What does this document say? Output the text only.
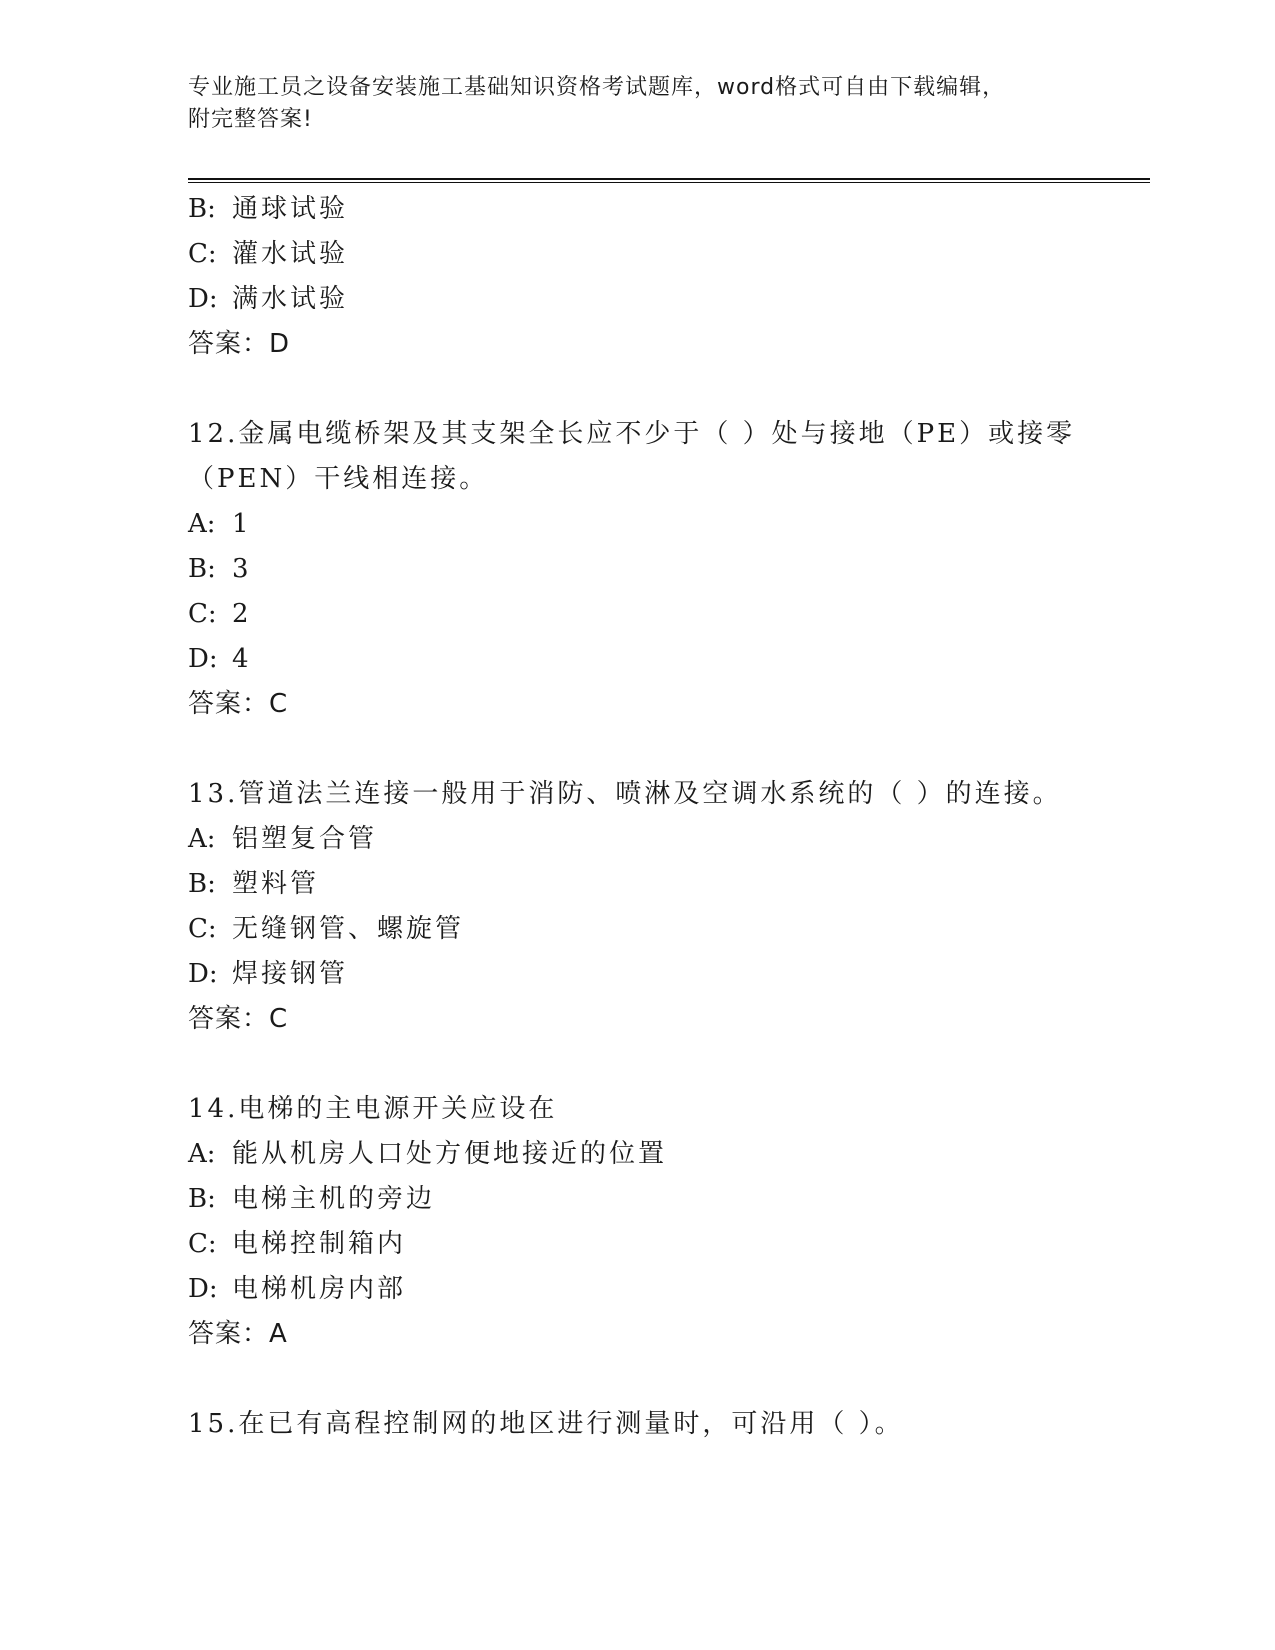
专业施工员之设备安装施工基础知识资格考试题库，word格式可自由下载编辑，
附完整答案!
B: 通球试验
C: 灌水试验
D: 满水试验
答案：D
12.金属电缆桥架及其支架全长应不少于（ ）处与接地（PE）或接零
（PEN）干线相连接。
A: 1
B: 3
C: 2
D: 4
答案：C
13.管道法兰连接一般用于消防、喷淋及空调水系统的（ ）的连接。
A: 铝塑复合管
B: 塑料管
C: 无缝钢管、螺旋管
D: 焊接钢管
答案：C
14.电梯的主电源开关应设在
A: 能从机房人口处方便地接近的位置
B: 电梯主机的旁边
C: 电梯控制箱内
D: 电梯机房内部
答案：A
15.在已有高程控制网的地区进行测量时，可沿用（ ）。
